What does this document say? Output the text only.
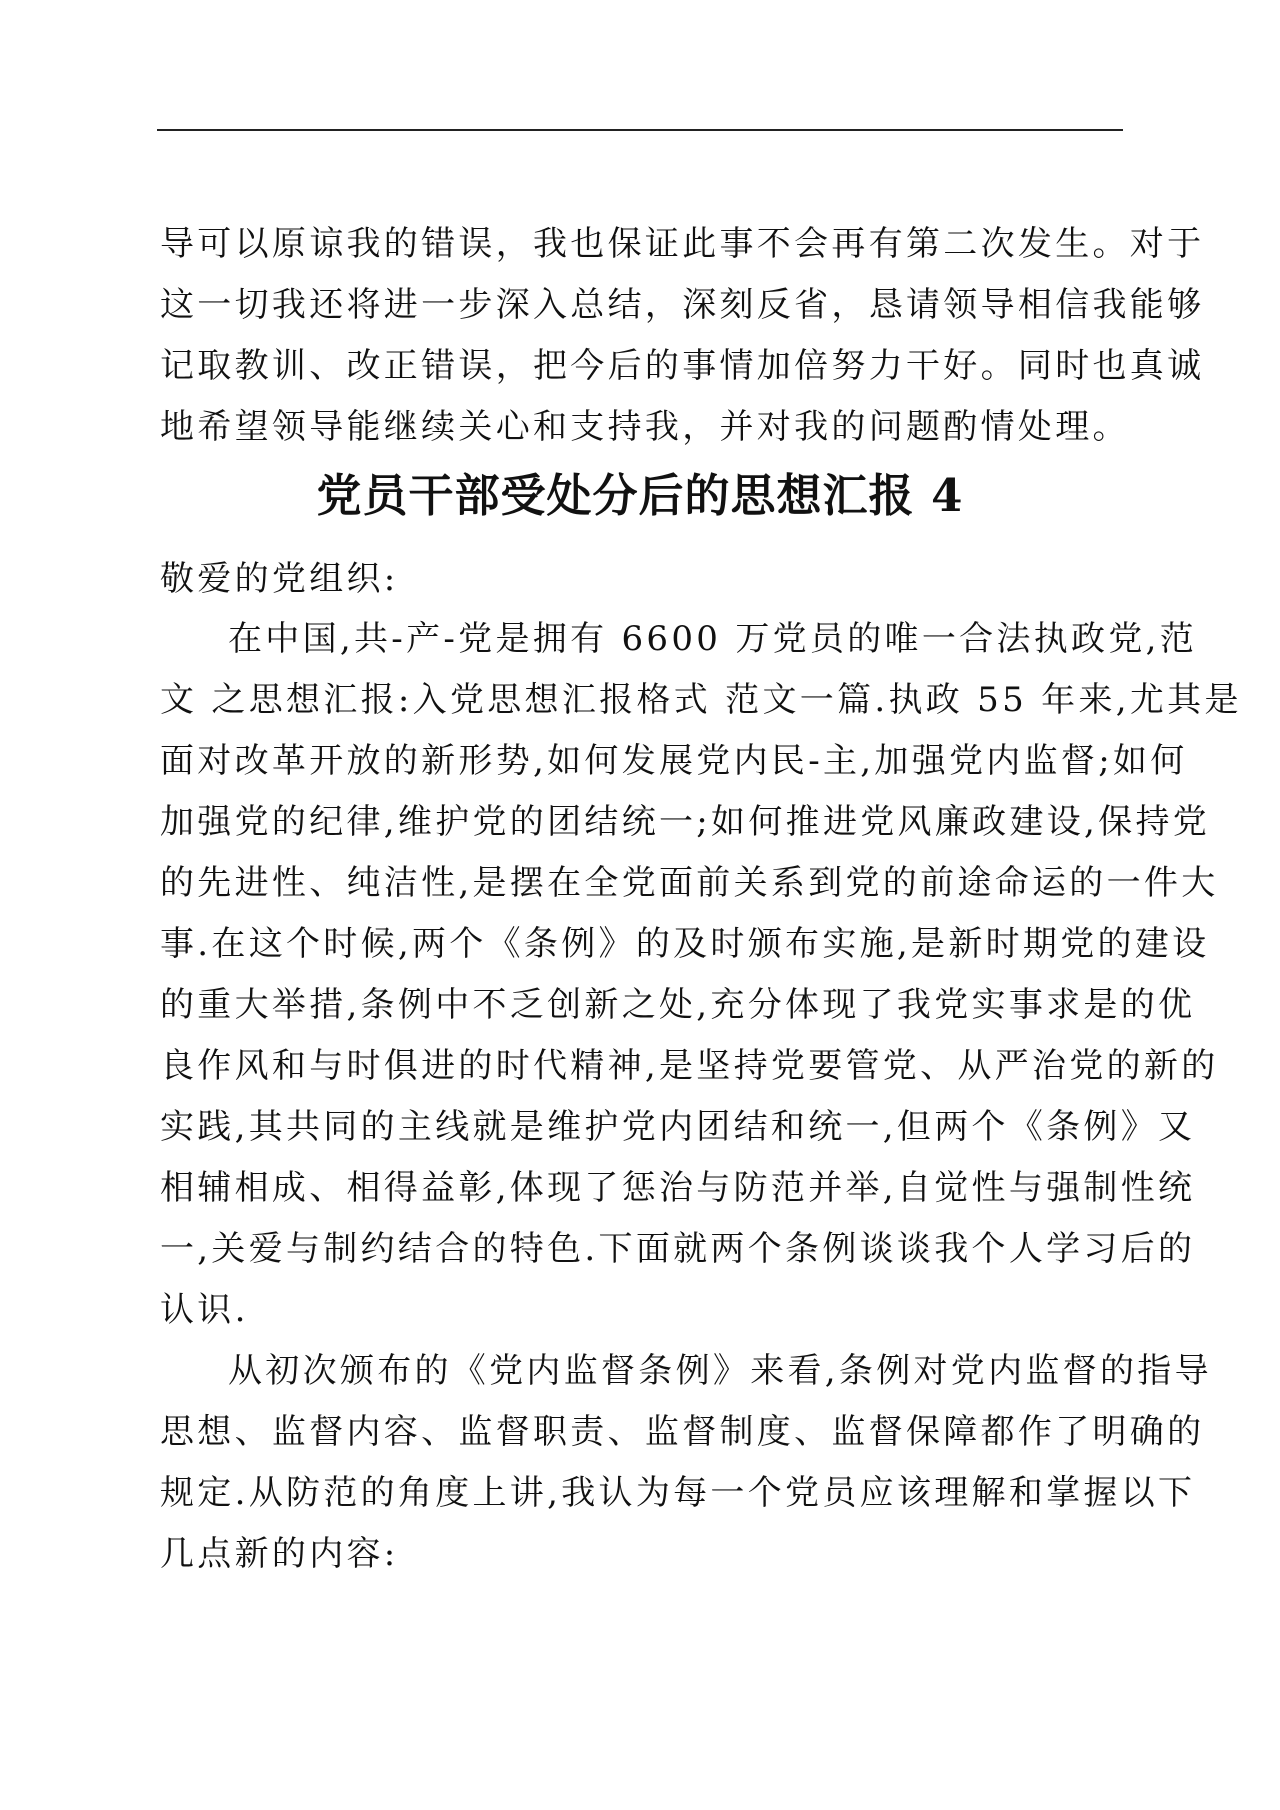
导可以原谅我的错误，我也保证此事不会再有第二次发生。对于
这一切我还将进一步深入总结，深刻反省，恳请领导相信我能够
记取教训、改正错误，把今后的事情加倍努力干好。同时也真诚
地希望领导能继续关心和支持我，并对我的问题酌情处理。
党员干部受处分后的思想汇报 4
敬爱的党组织:
在中国,共-产-党是拥有 6600 万党员的唯一合法执政党,范
文 之思想汇报:入党思想汇报格式 范文一篇.执政 55 年来,尤其是
面对改革开放的新形势,如何发展党内民-主,加强党内监督;如何
加强党的纪律,维护党的团结统一;如何推进党风廉政建设,保持党
的先进性、纯洁性,是摆在全党面前关系到党的前途命运的一件大
事.在这个时候,两个《条例》的及时颁布实施,是新时期党的建设
的重大举措,条例中不乏创新之处,充分体现了我党实事求是的优
良作风和与时俱进的时代精神,是坚持党要管党、从严治党的新的
实践,其共同的主线就是维护党内团结和统一,但两个《条例》又
相辅相成、相得益彰,体现了惩治与防范并举,自觉性与强制性统
一,关爱与制约结合的特色.下面就两个条例谈谈我个人学习后的
认识.
从初次颁布的《党内监督条例》来看,条例对党内监督的指导
思想、监督内容、监督职责、监督制度、监督保障都作了明确的
规定.从防范的角度上讲,我认为每一个党员应该理解和掌握以下
几点新的内容:
